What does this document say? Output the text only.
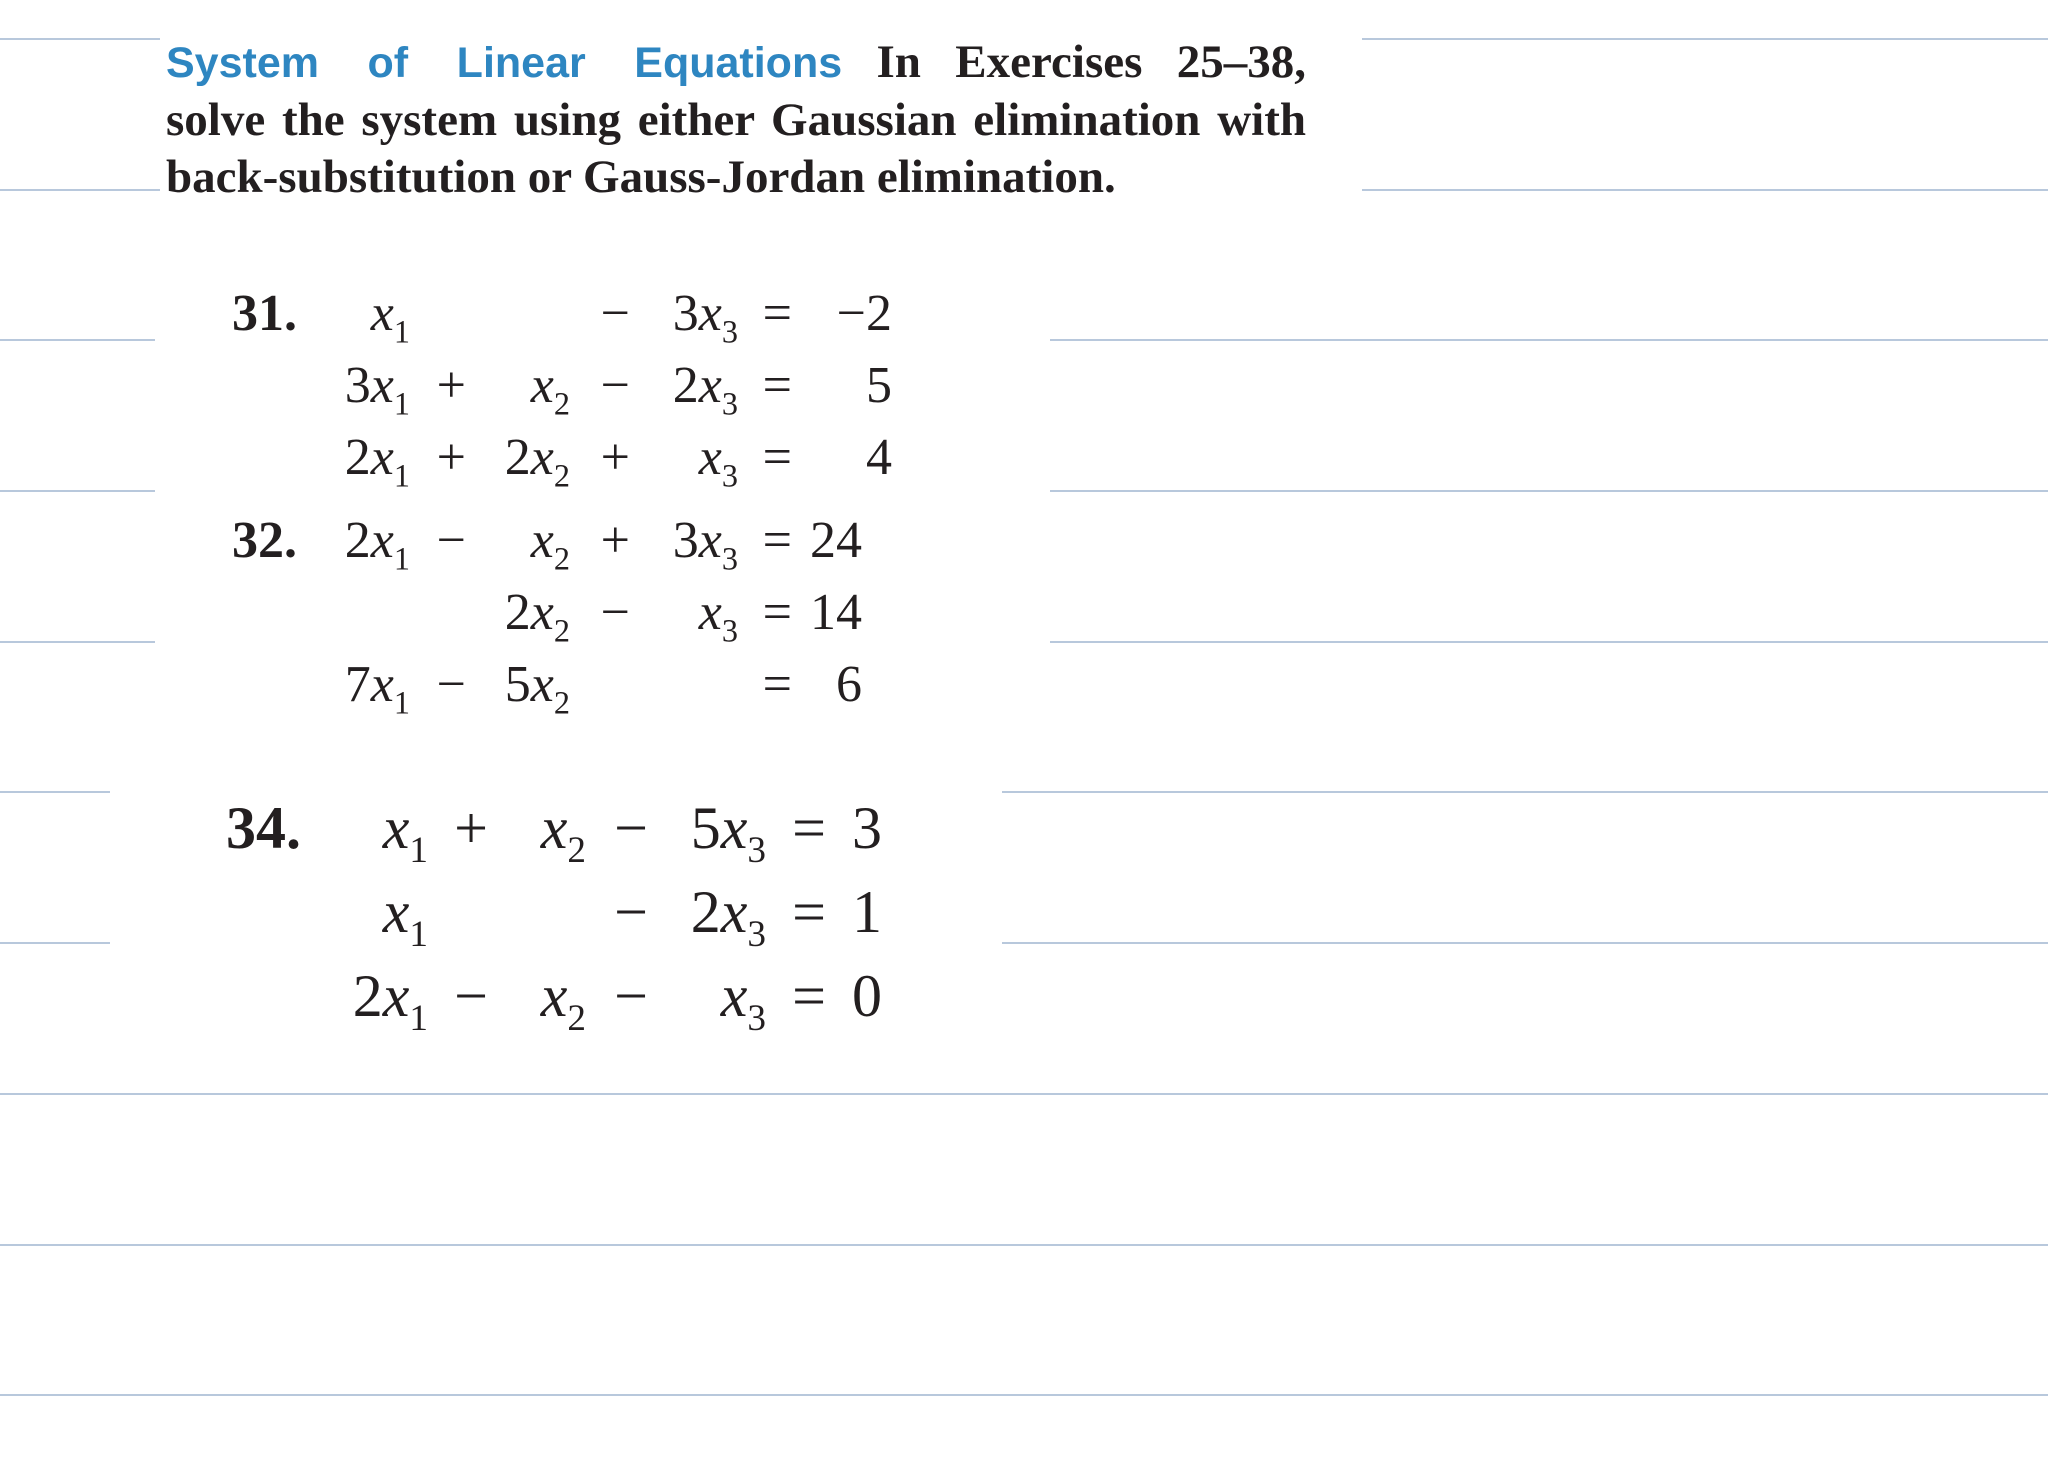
System of Linear Equations In Exercises 25–38,
solve the system using either Gaussian elimination with
back-substitution or Gauss-Jordan elimination.
31. $x_1$	− $3x_3 = -2$
$3x_1 + x_2 - 2x_3 = 5$
$2x_1 + 2x_2 + x_3 = 4$
32. $2x_1 - x_2 + 3x_3 = 24$
$2x_2 - x_3 = 14$
$7x_1 - 5x_2$	= 6
34. $x_1 + x_2 - 5x_3 = 3$
$x_1$	− $2x_3 = 1$
$2x_1 - x_2 - x_3 = 0$
